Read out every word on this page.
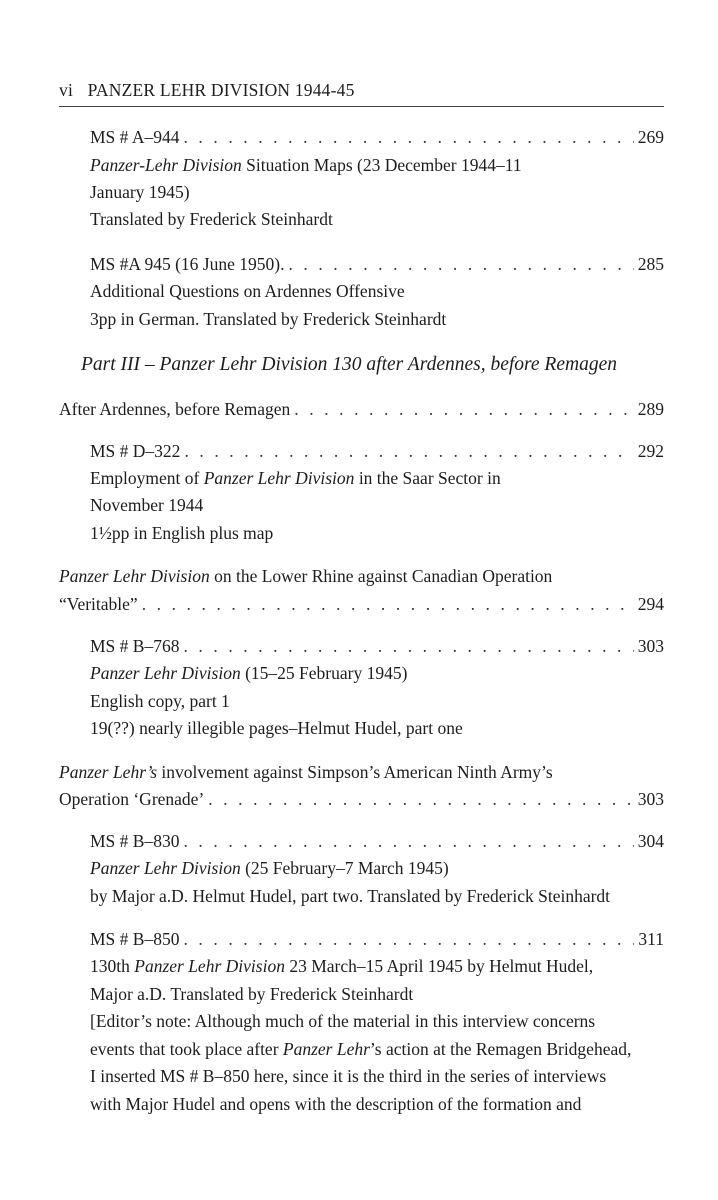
vi PANZER LEHR DIVISION 1944-45
MS # A–944 . . .	269
Panzer-Lehr Division Situation Maps (23 December 1944–11
January 1945)
Translated by Frederick Steinhardt
MS #A 945 (16 June 1950). . . .	285
Additional Questions on Ardennes Offensive
3pp in German. Translated by Frederick Steinhardt
Part III – Panzer Lehr Division 130 after Ardennes, before Remagen
After Ardennes, before Remagen . . .	289
MS # D–322 . . .	292
Employment of Panzer Lehr Division in the Saar Sector in
November 1944
1½pp in English plus map
Panzer Lehr Division on the Lower Rhine against Canadian Operation
“Veritable” . . .	294
MS # B–768 . . .	303
Panzer Lehr Division (15–25 February 1945)
English copy, part 1
19(??) nearly illegible pages–Helmut Hudel, part one
Panzer Lehr’s involvement against Simpson’s American Ninth Army’s
Operation ‘Grenade’ . . .	303
MS # B–830 . . .	304
Panzer Lehr Division (25 February–7 March 1945)
by Major a.D. Helmut Hudel, part two. Translated by Frederick Steinhardt
MS # B–850 . . .	311
130th Panzer Lehr Division 23 March–15 April 1945 by Helmut Hudel,
Major a.D. Translated by Frederick Steinhardt
[Editor’s note: Although much of the material in this interview concerns
events that took place after Panzer Lehr’s action at the Remagen Bridgehead,
I inserted MS # B–850 here, since it is the third in the series of interviews
with Major Hudel and opens with the description of the formation and
